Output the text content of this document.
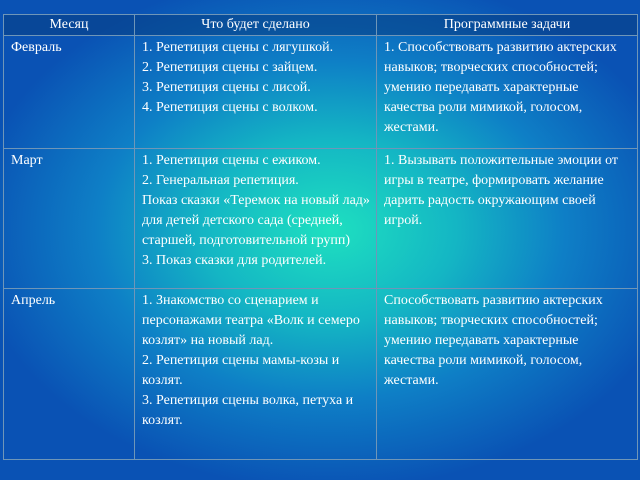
Месяц	Что будет сделано	Программные задачи
Февраль	1. Репетиция сцены с лягушкой.
2. Репетиция сцены с зайцем.
3. Репетиция сцены с лисой.
4. Репетиция сцены с волком.	1. Способствовать развитию актерских навыков; творческих способностей; умению передавать характерные качества роли мимикой, голосом, жестами.
Март	1. Репетиция сцены с ежиком.
2. Генеральная репетиция.
Показ сказки «Теремок на новый лад» для детей детского сада (средней, старшей, подготовительной групп)
3. Показ сказки для родителей.	1. Вызывать положительные эмоции от игры в театре, формировать желание дарить радость окружающим своей игрой.
Апрель	1. Знакомство со сценарием и персонажами театра «Волк и семеро козлят» на новый лад.
2. Репетиция сцены мамы-козы и козлят.
3. Репетиция сцены волка, петуха и козлят.	Способствовать развитию актерских навыков; творческих способностей; умению передавать характерные качества роли мимикой, голосом, жестами.
